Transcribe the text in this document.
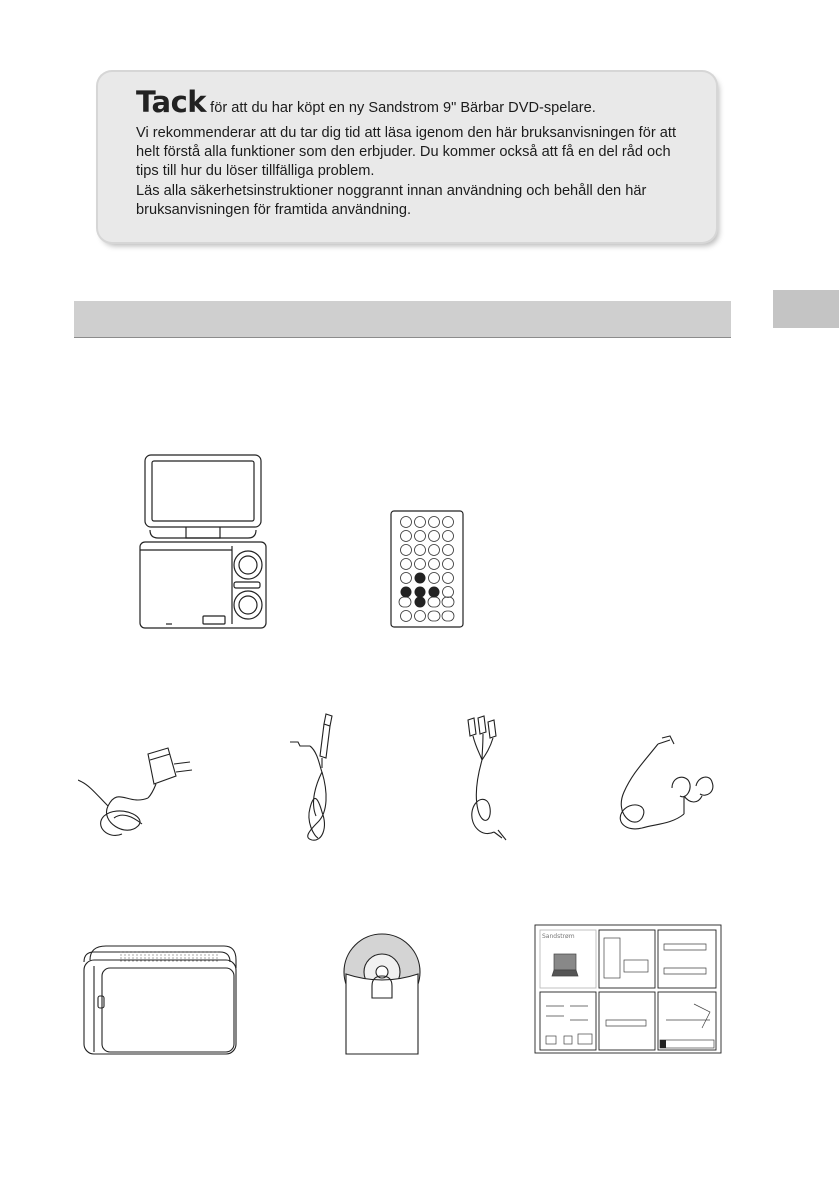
Tack för att du har köpt en ny Sandstrom 9" Bärbar DVD-spelare.

Vi rekommenderar att du tar dig tid att läsa igenom den här bruksanvisningen för att helt förstå alla funktioner som den erbjuder. Du kommer också att få en del råd och tips till hur du löser tillfälliga problem.

Läs alla säkerhetsinstruktioner noggrannt innan användning och behåll den här bruksanvisningen för framtida användning.

Sandstrøm
